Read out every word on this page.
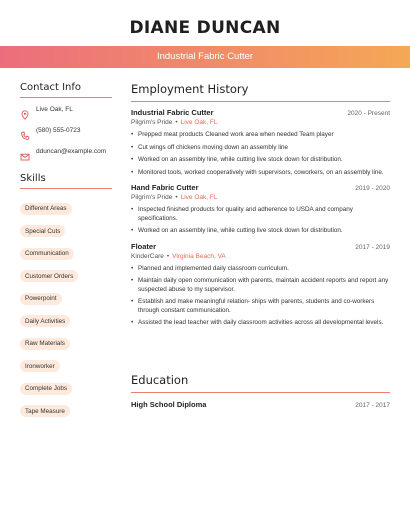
DIANE DUNCAN
Industrial Fabric Cutter
Contact Info
Live Oak, FL
(580) 555-0723
dduncan@example.com
Skills
Different Areas
Special Cuts
Communication
Customer Orders
Powerpoint
Daily Activities
Raw Materials
Ironworker
Complete Jobs
Tape Measure
Employment History
Industrial Fabric Cutter	2020 - Present
Pilgrim's Pride • Live Oak, FL
• Prepped meat products Cleaned work area when needed Team player
• Cut wings off chickens moving down an assembly line
• Worked on an assembly line, while cutting live stock down for distribution.
• Monitored tools, worked cooperatively with supervisors, coworkers, on an assembly line.
Hand Fabric Cutter	2019 - 2020
Pilgrim's Pride • Live Oak, FL
• Inspected finished products for quality and adherence to USDA and company specifications.
• Worked on an assembly line, while cutting live stock down for distribution.
Floater	2017 - 2019
KinderCare • Virginia Beach, VA
• Planned and implemented daily classroom curriculum.
• Maintain daily open communication with parents, maintain accident reports and report any suspected abuse to my supervisor.
• Establish and make meaningful relation- ships with parents, students and co-workers through constant communication.
• Assisted the lead teacher with daily classroom activities across all developmental levels.
Education
High School Diploma	2017 - 2017
